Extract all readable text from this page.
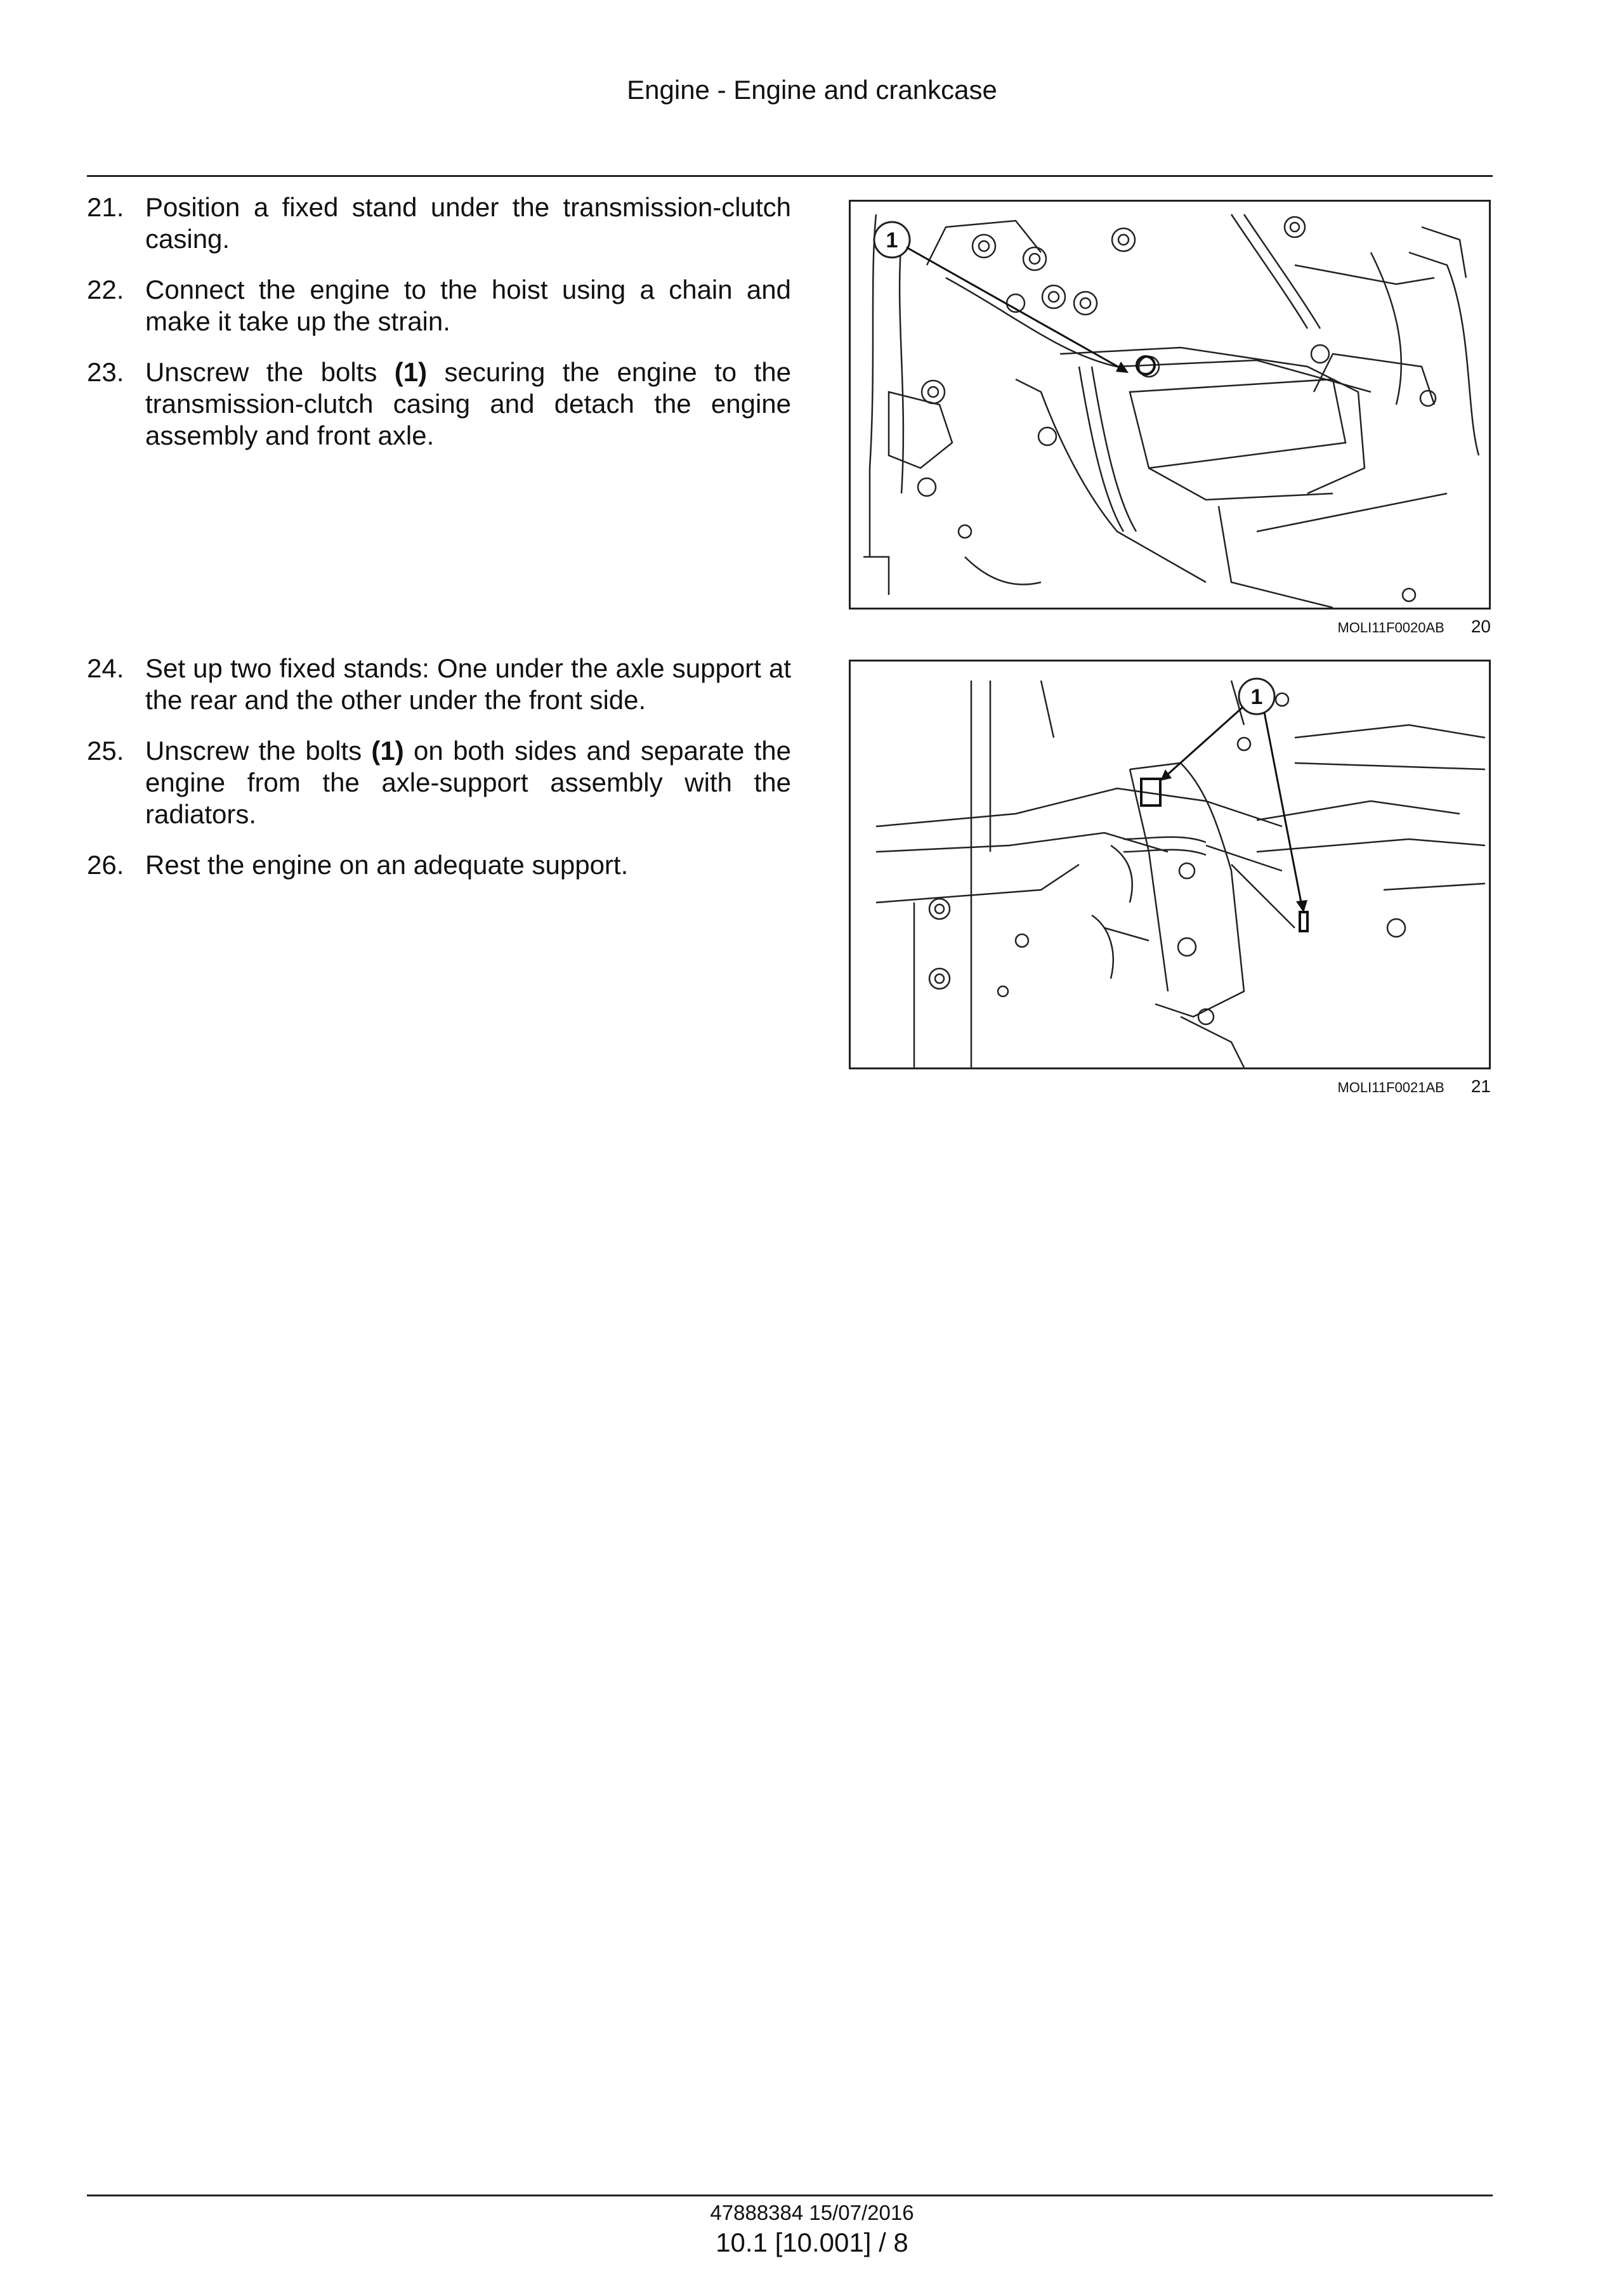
Engine - Engine and crankcase
21. Position a fixed stand under the transmission-clutch casing.
22. Connect the engine to the hoist using a chain and make it take up the strain.
23. Unscrew the bolts (1) securing the engine to the transmission-clutch casing and detach the engine assembly and front axle.
1
MOLI11F0020AB 20
24. Set up two fixed stands: One under the axle support at the rear and the other under the front side.
25. Unscrew the bolts (1) on both sides and separate the engine from the axle-support assembly with the radiators.
26. Rest the engine on an adequate support.
1
MOLI11F0021AB 21
47888384 15/07/2016
10.1 [10.001] / 8
